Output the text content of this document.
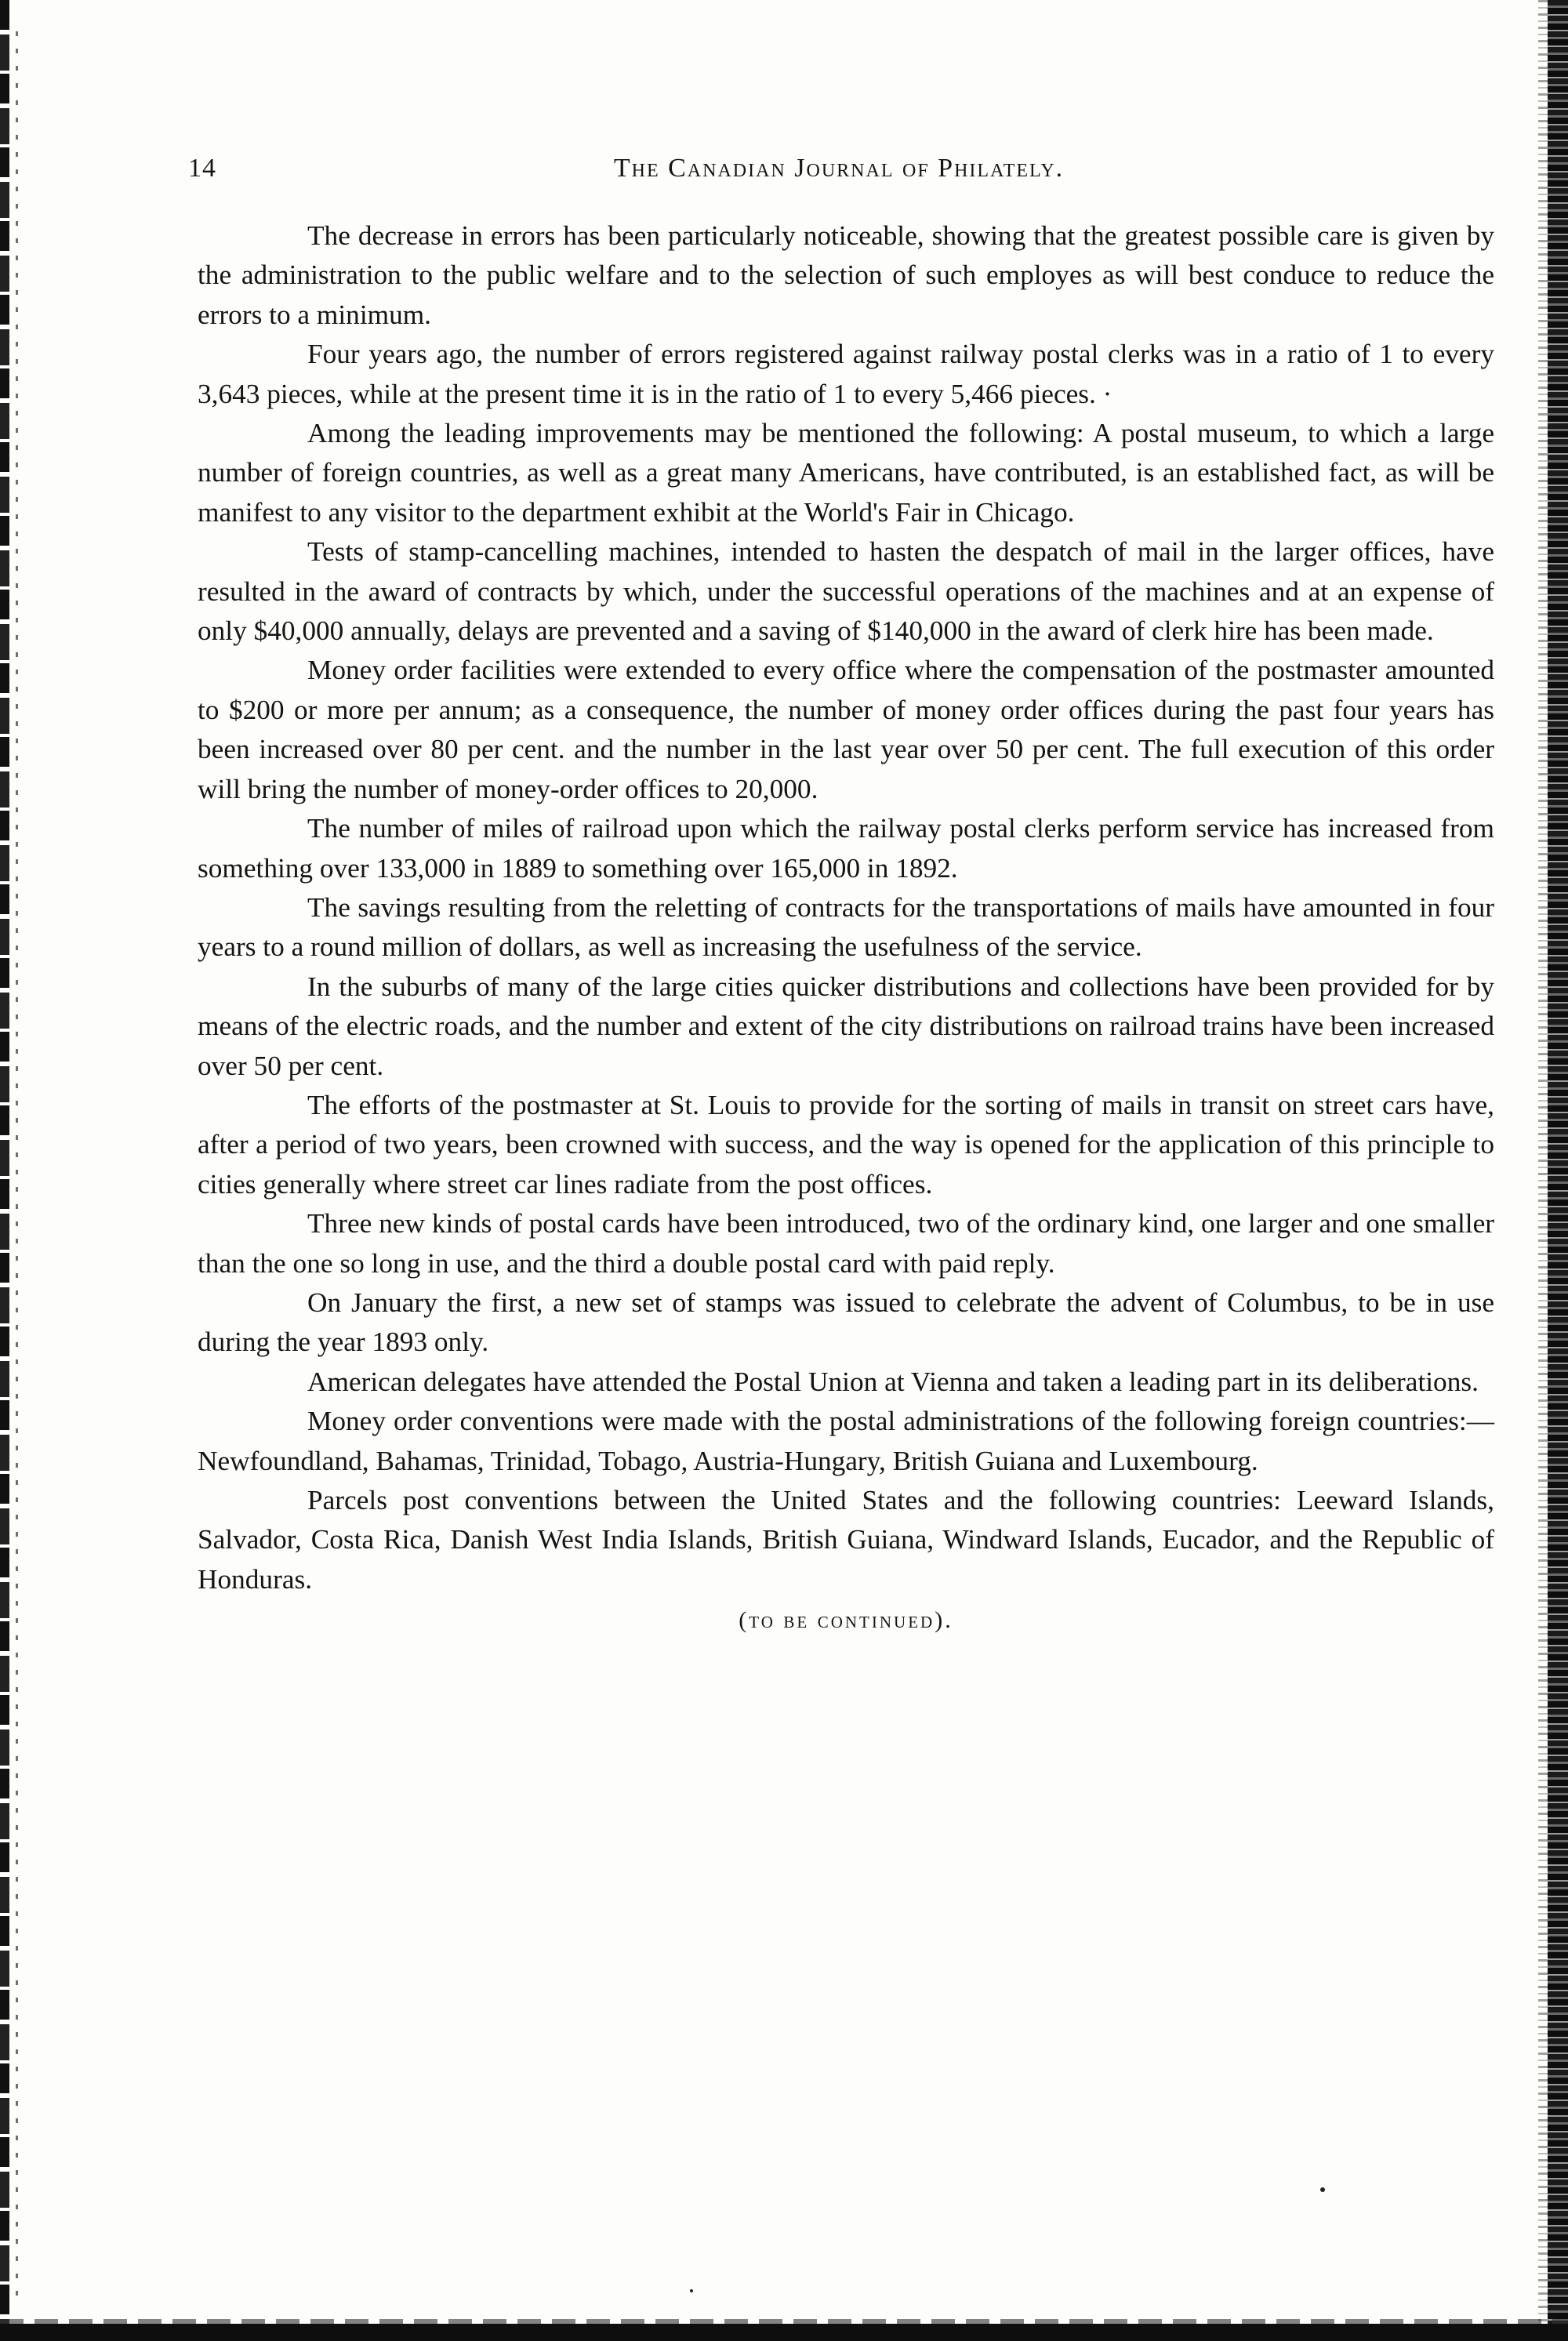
14	The Canadian Journal of Philately.

The decrease in errors has been particularly noticeable, showing that the greatest possible care is given by the administration to the public welfare and to the selection of such employes as will best conduce to reduce the errors to a minimum.

Four years ago, the number of errors registered against railway postal clerks was in a ratio of 1 to every 3,643 pieces, while at the present time it is in the ratio of 1 to every 5,466 pieces. ·

Among the leading improvements may be mentioned the following: A postal museum, to which a large number of foreign countries, as well as a great many Americans, have contributed, is an established fact, as will be manifest to any visitor to the department exhibit at the World's Fair in Chicago.

Tests of stamp-cancelling machines, intended to hasten the despatch of mail in the larger offices, have resulted in the award of contracts by which, under the successful operations of the machines and at an expense of only $40,000 annually, delays are prevented and a saving of $140,000 in the award of clerk hire has been made.

Money order facilities were extended to every office where the compensation of the postmaster amounted to $200 or more per annum; as a consequence, the number of money order offices during the past four years has been increased over 80 per cent. and the number in the last year over 50 per cent. The full execution of this order will bring the number of money-order offices to 20,000.

The number of miles of railroad upon which the railway postal clerks perform service has increased from something over 133,000 in 1889 to something over 165,000 in 1892.

The savings resulting from the reletting of contracts for the transportations of mails have amounted in four years to a round million of dollars, as well as increasing the usefulness of the service.

In the suburbs of many of the large cities quicker distributions and collections have been provided for by means of the electric roads, and the number and extent of the city distributions on railroad trains have been increased over 50 per cent.

The efforts of the postmaster at St. Louis to provide for the sorting of mails in transit on street cars have, after a period of two years, been crowned with success, and the way is opened for the application of this principle to cities generally where street car lines radiate from the post offices.

Three new kinds of postal cards have been introduced, two of the ordinary kind, one larger and one smaller than the one so long in use, and the third a double postal card with paid reply.

On January the first, a new set of stamps was issued to celebrate the advent of Columbus, to be in use during the year 1893 only.

American delegates have attended the Postal Union at Vienna and taken a leading part in its deliberations.

Money order conventions were made with the postal administrations of the following foreign countries:—Newfoundland, Bahamas, Trinidad, Tobago, Austria-Hungary, British Guiana and Luxembourg.

Parcels post conventions between the United States and the following countries: Leeward Islands, Salvador, Costa Rica, Danish West India Islands, British Guiana, Windward Islands, Eucador, and the Republic of Honduras.

(to be continued).
